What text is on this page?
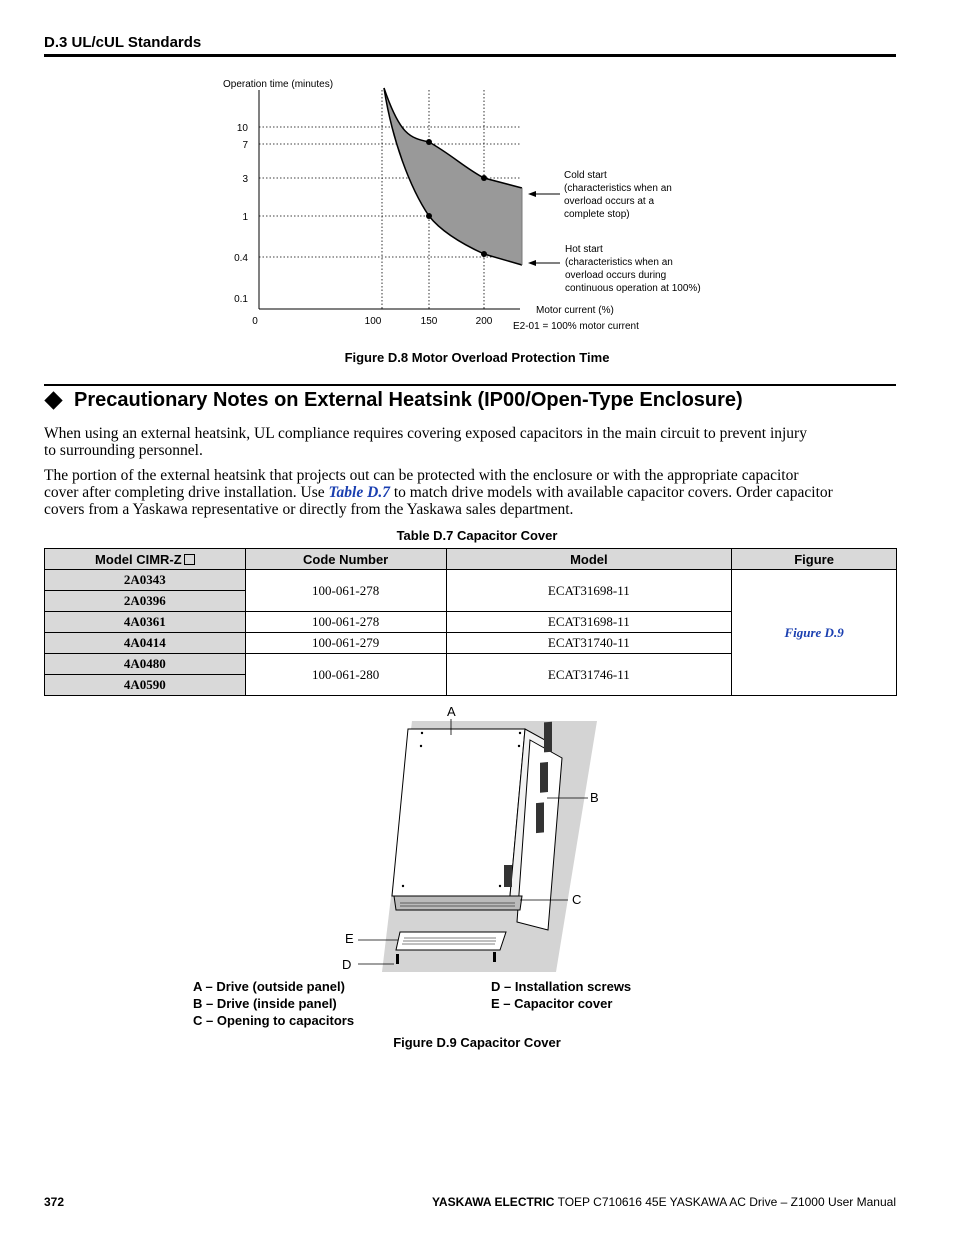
D.3 UL/cUL Standards
Operation time (minutes)
10
7
3
1
0.4
0.1
0	100	150	200
Motor current (%)
E2-01 = 100% motor current
Cold start
(characteristics when an
overload occurs at a
complete stop)
Hot start
(characteristics when an
overload occurs during
continuous operation at 100%)
Figure D.8 Motor Overload Protection Time
Precautionary Notes on External Heatsink (IP00/Open-Type Enclosure)
When using an external heatsink, UL compliance requires covering exposed capacitors in the main circuit to prevent injury
to surrounding personnel.
The portion of the external heatsink that projects out can be protected with the enclosure or with the appropriate capacitor
cover after completing drive installation. Use Table D.7 to match drive models with available capacitor covers. Order capacitor
covers from a Yaskawa representative or directly from the Yaskawa sales department.
Table D.7 Capacitor Cover
Model CIMR-Z	Code Number	Model	Figure
2A0343	100-061-278	ECAT31698-11	Figure D.9
2A0396			
4A0361	100-061-278	ECAT31698-11	
4A0414	100-061-279	ECAT31740-11	
4A0480	100-061-280	ECAT31746-11	
4A0590			
A
B
C
D
E
A – Drive (outside panel)
B – Drive (inside panel)
C – Opening to capacitors
D – Installation screws
E – Capacitor cover
Figure D.9 Capacitor Cover
372	YASKAWA ELECTRIC TOEP C710616 45E YASKAWA AC Drive – Z1000 User Manual
